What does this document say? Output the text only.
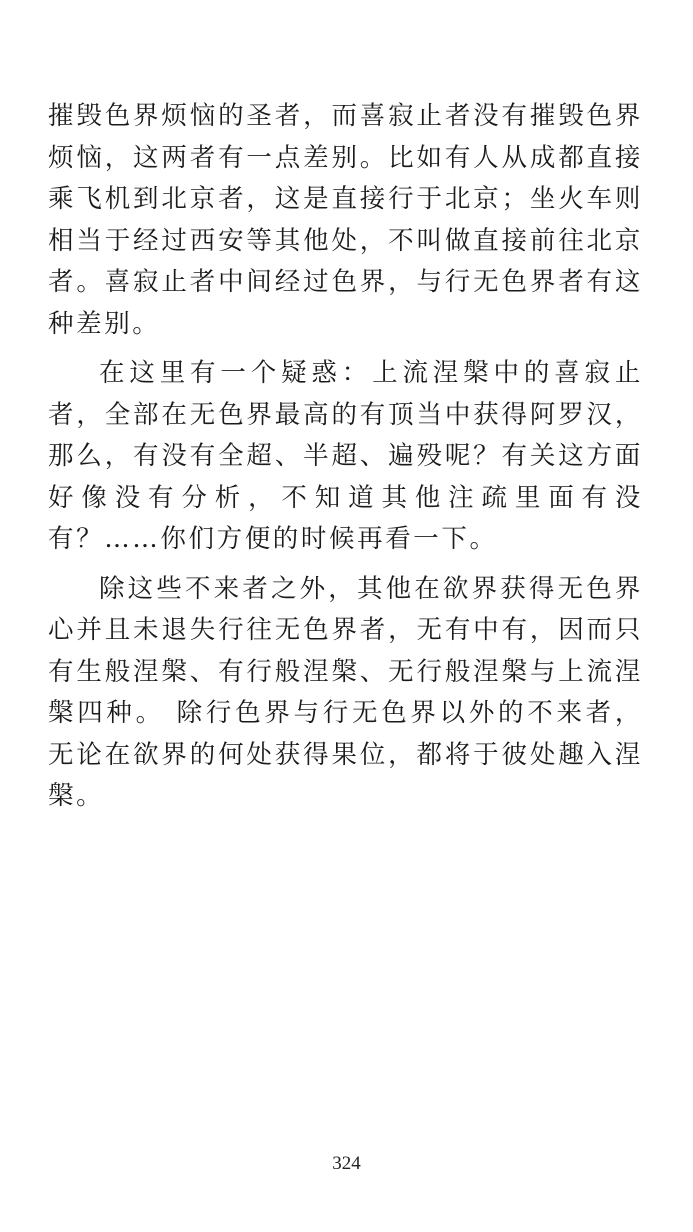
摧毁色界烦恼的圣者，而喜寂止者没有摧毁色界烦恼，这两者有一点差别。比如有人从成都直接乘飞机到北京者，这是直接行于北京；坐火车则相当于经过西安等其他处，不叫做直接前往北京者。喜寂止者中间经过色界，与行无色界者有这种差别。

在这里有一个疑惑：上流涅槃中的喜寂止者，全部在无色界最高的有顶当中获得阿罗汉，那么，有没有全超、半超、遍殁呢？有关这方面好像没有分析，不知道其他注疏里面有没有？……你们方便的时候再看一下。

除这些不来者之外，其他在欲界获得无色界心并且未退失行往无色界者，无有中有，因而只有生般涅槃、有行般涅槃、无行般涅槃与上流涅槃四种。 除行色界与行无色界以外的不来者，无论在欲界的何处获得果位，都将于彼处趣入涅槃。

324
